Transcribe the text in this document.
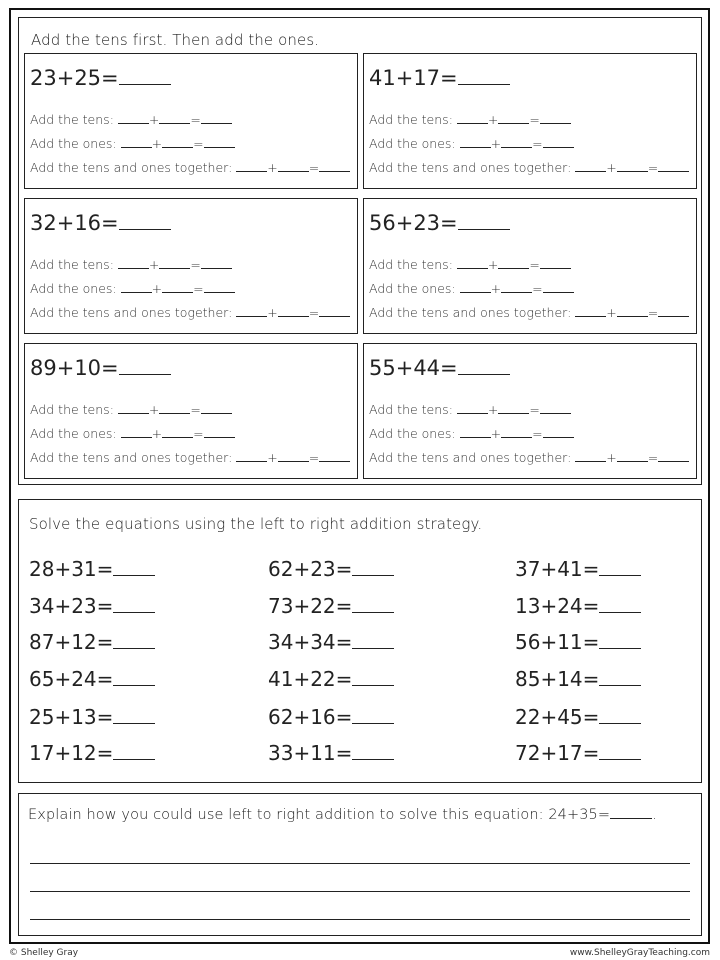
Add the tens first. Then add the ones.
23+25=
Add the tens:	+ =
Add the ones:	+ =
Add the tens and ones together:	+ =
41+17=
Add the tens:	+ =
Add the ones:	+ =
Add the tens and ones together:	+ =
32+16=
Add the tens:	+ =
Add the ones:	+ =
Add the tens and ones together:	+ =
56+23=
Add the tens:	+ =
Add the ones:	+ =
Add the tens and ones together:	+ =
89+10=
Add the tens:	+ =
Add the ones:	+ =
Add the tens and ones together:	+ =
55+44=
Add the tens:	+ =
Add the ones:	+ =
Add the tens and ones together:	+ =
Solve the equations using the left to right addition strategy.
28+31=
34+23=
87+12=
65+24=
25+13=
17+12=
62+23=
73+22=
34+34=
41+22=
62+16=
33+11=
37+41=
13+24=
56+11=
85+14=
22+45=
72+17=
Explain how you could use left to right addition to solve this equation: 24+35=	.
© Shelley Gray	www.ShelleyGrayTeaching.com
